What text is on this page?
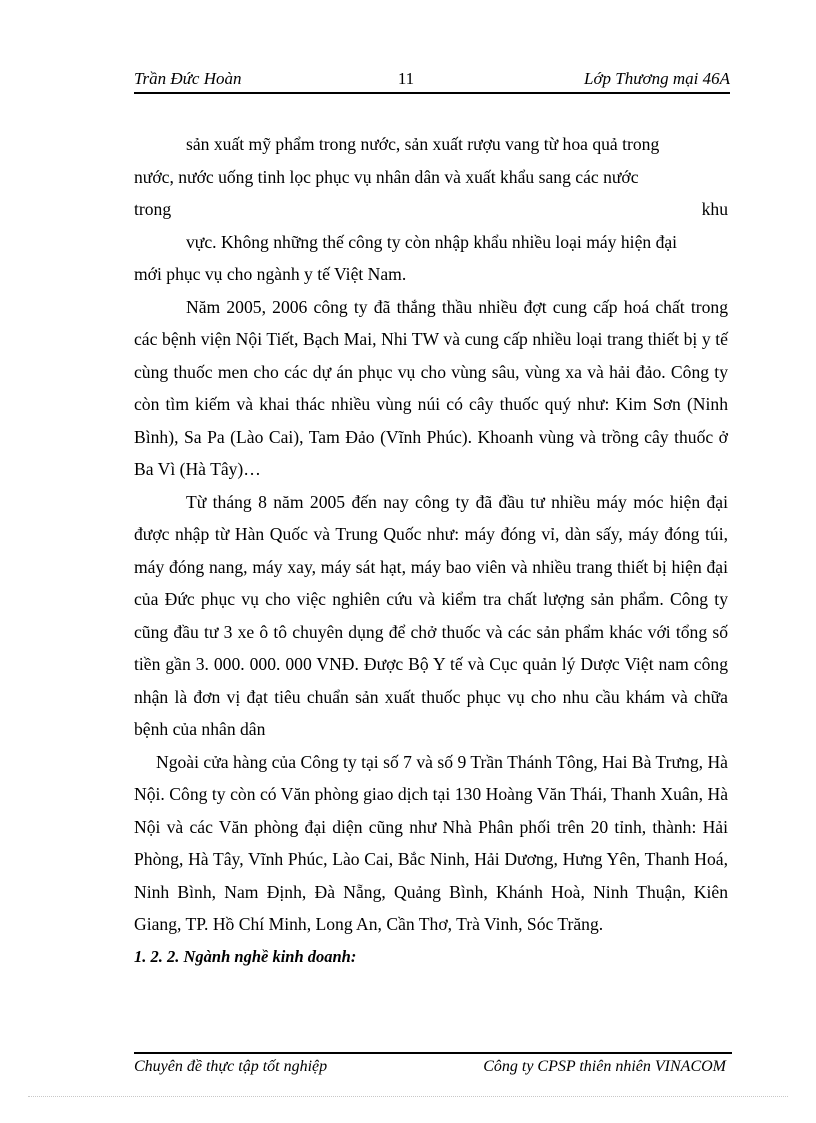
Trần Đức Hoàn	11	Lớp Thương mại 46A

sản xuất mỹ phẩm trong nước, sản xuất rượu vang từ hoa quả trong

nước, nước uống tinh lọc phục vụ nhân dân và xuất khẩu sang các nước

trong	khu

vực. Không những thế công ty còn nhập khẩu nhiều loại máy hiện đại

mới phục vụ cho ngành y tế Việt Nam.

Năm 2005, 2006 công ty đã thắng thầu nhiều đợt cung cấp hoá chất trong các bệnh viện Nội Tiết, Bạch Mai, Nhi TW và cung cấp nhiều loại trang thiết bị y tế cùng thuốc men cho các dự án phục vụ cho vùng sâu, vùng xa và hải đảo. Công ty còn tìm kiếm và khai thác nhiều vùng núi có cây thuốc quý như: Kim Sơn (Ninh Bình), Sa Pa (Lào Cai), Tam Đảo (Vĩnh Phúc). Khoanh vùng và trồng cây thuốc ở Ba Vì (Hà Tây)…

Từ tháng 8 năm 2005 đến nay công ty đã đầu tư nhiều máy móc hiện đại được nhập từ Hàn Quốc và Trung Quốc như: máy đóng vỉ, dàn sấy, máy đóng túi, máy đóng nang, máy xay, máy sát hạt, máy bao viên và nhiều trang thiết bị hiện đại của Đức phục vụ cho việc nghiên cứu và kiểm tra chất lượng sản phẩm. Công ty cũng đầu tư 3 xe ô tô chuyên dụng để chở thuốc và các sản phẩm khác với tổng số tiền gần 3. 000. 000. 000 VNĐ. Được Bộ Y tế và Cục quản lý Dược Việt nam công nhận là đơn vị đạt tiêu chuẩn sản xuất thuốc phục vụ cho nhu cầu khám và chữa bệnh của nhân dân

Ngoài cửa hàng của Công ty tại số 7 và số 9 Trần Thánh Tông, Hai Bà Trưng, Hà Nội. Công ty còn có Văn phòng giao dịch tại 130 Hoàng Văn Thái, Thanh Xuân, Hà Nội và các Văn phòng đại diện cũng như Nhà Phân phối trên 20 tỉnh, thành: Hải Phòng, Hà Tây, Vĩnh Phúc, Lào Cai, Bắc Ninh, Hải Dương, Hưng Yên, Thanh Hoá, Ninh Bình, Nam Định, Đà Nẵng, Quảng Bình, Khánh Hoà, Ninh Thuận, Kiên Giang, TP. Hồ Chí Minh, Long An, Cần Thơ, Trà Vinh, Sóc Trăng.

1. 2. 2. Ngành nghề kinh doanh:

Chuyên đề thực tập tốt nghiệp	Công ty CPSP thiên nhiên VINACOM
